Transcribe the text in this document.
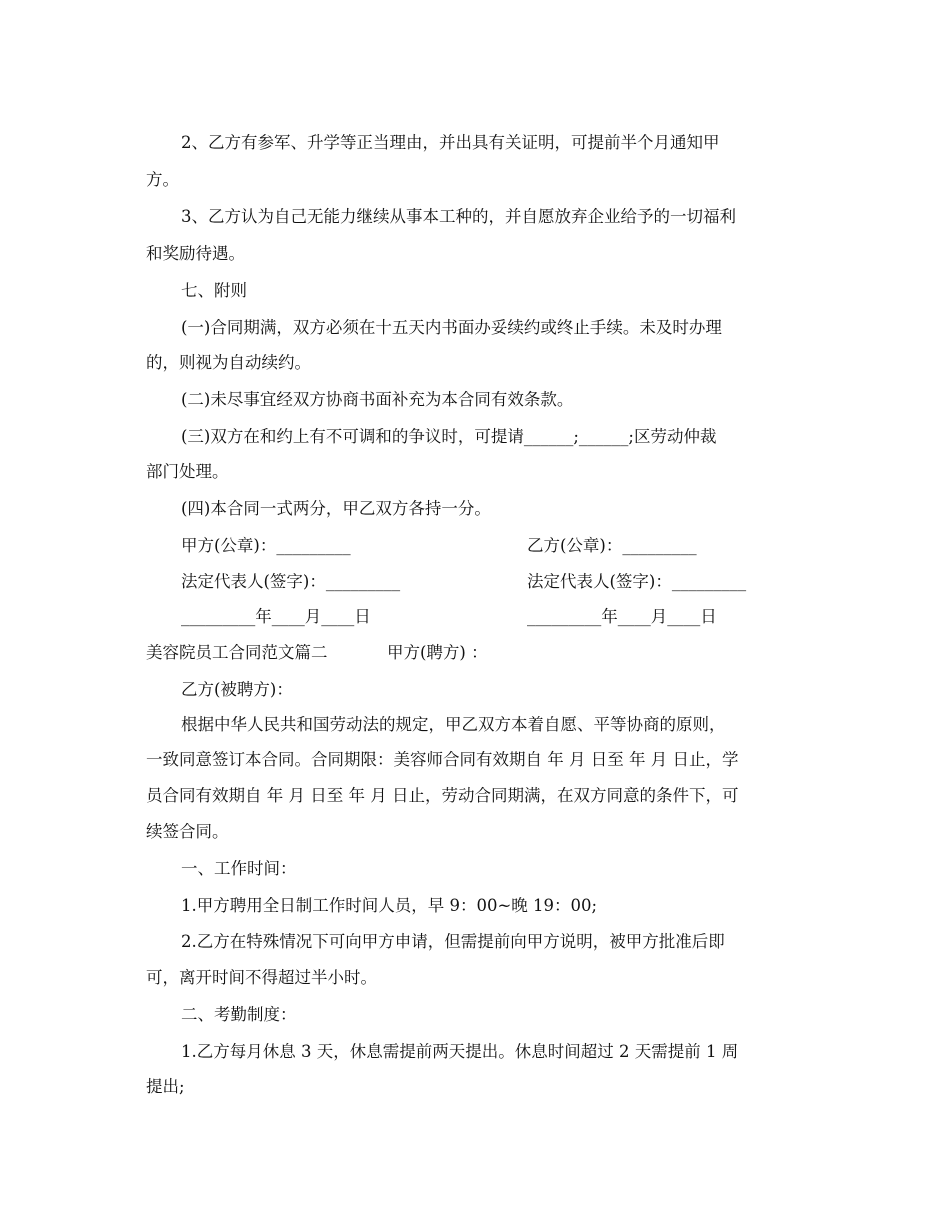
2、乙方有参军、升学等正当理由，并出具有关证明，可提前半个月通知甲
方。
3、乙方认为自己无能力继续从事本工种的，并自愿放弃企业给予的一切福利
和奖励待遇。
七、附则
(一)合同期满，双方必须在十五天内书面办妥续约或终止手续。未及时办理
的，则视为自动续约。
(二)未尽事宜经双方协商书面补充为本合同有效条款。
(三)双方在和约上有不可调和的争议时，可提请______;______;区劳动仲裁
部门处理。
(四)本合同一式两分，甲乙双方各持一分。
甲方(公章)：_________	乙方(公章)：_________
法定代表人(签字)：_________	法定代表人(签字)：_________
_________年____月____日	_________年____月____日
美容院员工合同范文篇二	甲方(聘方) ：
乙方(被聘方)：
根据中华人民共和国劳动法的规定，甲乙双方本着自愿、平等协商的原则，
一致同意签订本合同。合同期限：美容师合同有效期自 年 月 日至 年 月 日止，学
员合同有效期自 年 月 日至 年 月 日止，劳动合同期满，在双方同意的条件下，可
续签合同。
一、工作时间：
1.甲方聘用全日制工作时间人员，早 9：00~晚 19：00;
2.乙方在特殊情况下可向甲方申请，但需提前向甲方说明，被甲方批准后即
可，离开时间不得超过半小时。
二、考勤制度：
1.乙方每月休息 3 天，休息需提前两天提出。休息时间超过 2 天需提前 1 周
提出;
